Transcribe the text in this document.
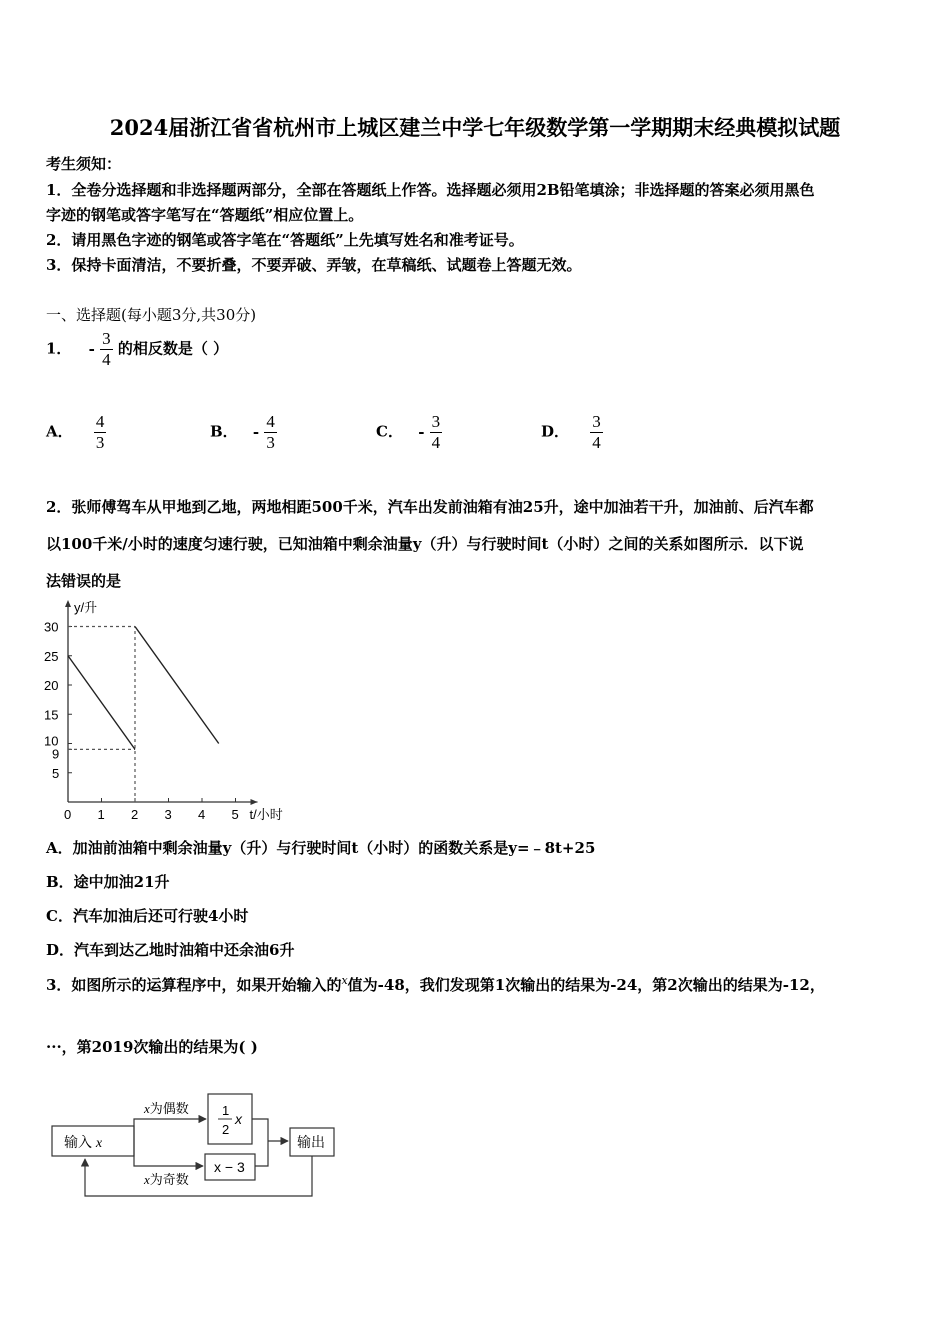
2024届浙江省省杭州市上城区建兰中学七年级数学第一学期期末经典模拟试题
考生须知：
1．全卷分选择题和非选择题两部分，全部在答题纸上作答。选择题必须用2B铅笔填涂；非选择题的答案必须用黑色
字迹的钢笔或答字笔写在“答题纸”相应位置上。
2．请用黑色字迹的钢笔或答字笔在“答题纸”上先填写姓名和准考证号。
3．保持卡面清洁，不要折叠，不要弄破、弄皱，在草稿纸、试题卷上答题无效。
一、选择题(每小题3分,共30分)
1． - $\frac{3}{4}$ 的相反数是（ ）
A． $\frac{4}{3}$	B． - $\frac{4}{3}$	C． - $\frac{3}{4}$	D． $\frac{3}{4}$
2．张师傅驾车从甲地到乙地，两地相距500千米，汽车出发前油箱有油25升，途中加油若干升，加油前、后汽车都
以100千米/小时的速度匀速行驶，已知油箱中剩余油量y（升）与行驶时间t（小时）之间的关系如图所示．以下说
法错误的是
y/升
t/小时
0 1 2 3 4 5
5
10
9
15
20
25
30
A．加油前油箱中剩余油量y（升）与行驶时间t（小时）的函数关系是y=﹣8t+25
B．途中加油21升
C．汽车加油后还可行驶4小时
D．汽车到达乙地时油箱中还余油6升
3．如图所示的运算程序中，如果开始输入的$^x$值为-48，我们发现第1次输出的结果为-24，第2次输出的结果为-12，
···，第2019次输出的结果为( )
输入 x
x为偶数
x为奇数
1
2
x
x − 3
输出
